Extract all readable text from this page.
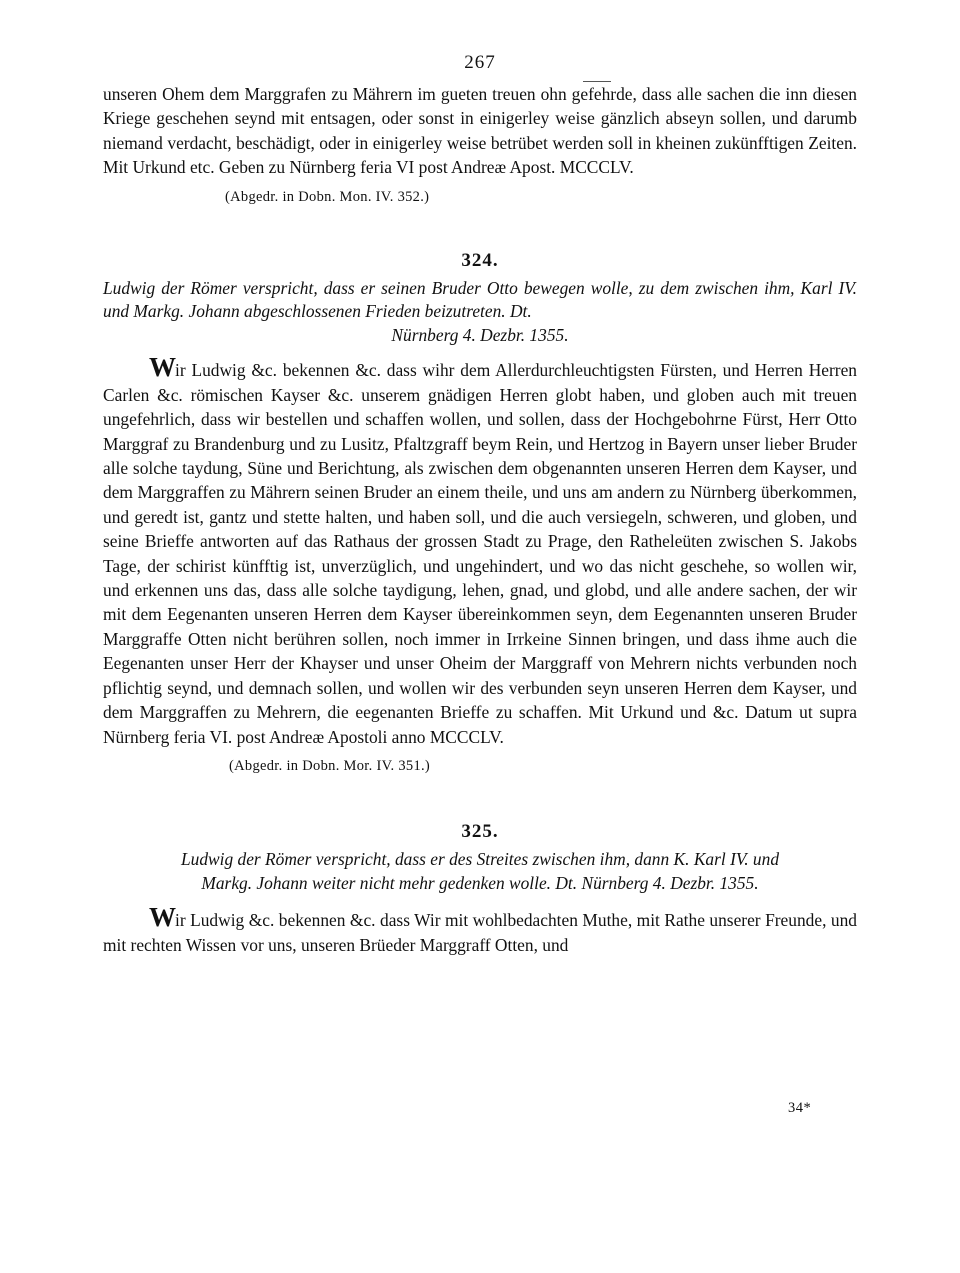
267

unseren Ohem dem Marggrafen zu Mährern im gueten treuen ohn gefehrde, dass alle sachen die inn diesen Kriege geschehen seynd mit entsagen, oder sonst in einigerley weise gänzlich abseyn sollen, und darumb niemand verdacht, beschädigt, oder in einigerley weise betrübet werden soll in kheinen zukünfftigen Zeiten. Mit Urkund etc. Geben zu Nürnberg feria VI post Andreæ Apost. MCCCLV.

(Abgedr. in Dobn. Mon. IV. 352.)
324.

Ludwig der Römer verspricht, dass er seinen Bruder Otto bewegen wolle, zu dem zwischen ihm, Karl IV. und Markg. Johann abgeschlossenen Frieden beizutreten. Dt.
Nürnberg 4. Dezbr. 1355.

Wir Ludwig &c. bekennen &c. dass wihr dem Allerdurchleuchtigsten Fürsten, und Herren Herren Carlen &c. römischen Kayser &c. unserem gnädigen Herren globt haben, und globen auch mit treuen ungefehrlich, dass wir bestellen und schaffen wollen, und sollen, dass der Hochgebohrne Fürst, Herr Otto Marggraf zu Brandenburg und zu Lusitz, Pfaltzgraff beym Rein, und Hertzog in Bayern unser lieber Bruder alle solche taydung, Süne und Berichtung, als zwischen dem obgenannten unseren Herren dem Kayser, und dem Marggraffen zu Mährern seinen Bruder an einem theile, und uns am andern zu Nürnberg überkommen, und geredt ist, gantz und stette halten, und haben soll, und die auch versiegeln, schweren, und globen, und seine Brieffe antworten auf das Rathaus der grossen Stadt zu Prage, den Ratheleüten zwischen S. Jakobs Tage, der schirist künfftig ist, unverzüglich, und ungehindert, und wo das nicht geschehe, so wollen wir, und erkennen uns das, dass alle solche taydigung, lehen, gnad, und globd, und alle andere sachen, der wir mit dem Eegenanten unseren Herren dem Kayser übereinkommen seyn, dem Eegenannten unseren Bruder Marggraffe Otten nicht berühren sollen, noch immer in Irrkeine Sinnen bringen, und dass ihme auch die Eegenanten unser Herr der Khayser und unser Oheim der Marggraff von Mehrern nichts verbunden noch pflichtig seynd, und demnach sollen, und wollen wir des verbunden seyn unseren Herren dem Kayser, und dem Marggraffen zu Mehrern, die eegenanten Brieffe zu schaffen. Mit Urkund und &c. Datum ut supra Nürnberg feria VI. post Andreæ Apostoli anno MCCCLV.

(Abgedr. in Dobn. Mor. IV. 351.)
325.

Ludwig der Römer verspricht, dass er des Streites zwischen ihm, dann K. Karl IV. und
Markg. Johann weiter nicht mehr gedenken wolle. Dt. Nürnberg 4. Dezbr. 1355.

Wir Ludwig &c. bekennen &c. dass Wir mit wohlbedachten Muthe, mit Rathe unserer Freunde, und mit rechten Wissen vor uns, unseren Brüeder Marggraff Otten, und

34*
